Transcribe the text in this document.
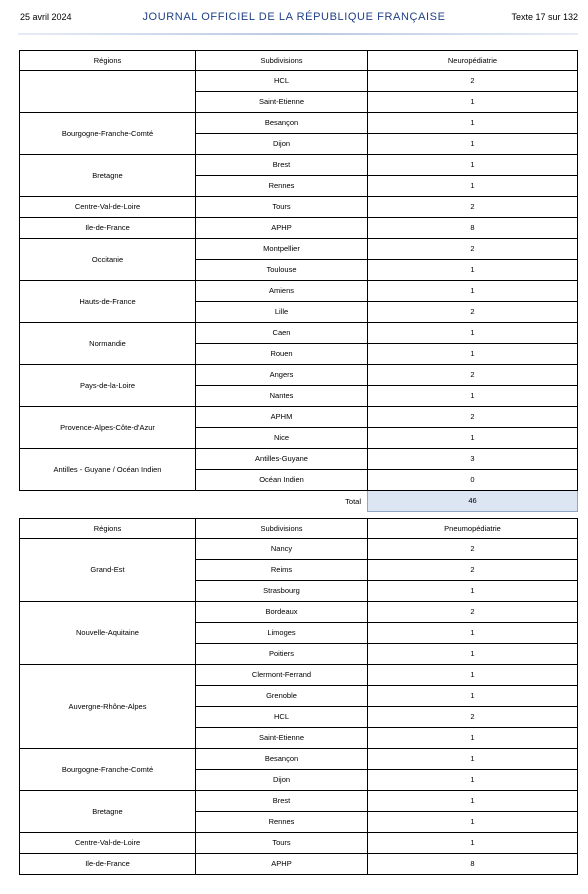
25 avril 2024	JOURNAL OFFICIEL DE LA RÉPUBLIQUE FRANÇAISE	Texte 17 sur 132
Régions	Subdivisions	Neuropédiatrie
	HCL	2
	Saint-Etienne	1
Bourgogne-Franche-Comté	Besançon	1
	Dijon	1
Bretagne	Brest	1
	Rennes	1
Centre-Val-de-Loire	Tours	2
Ile-de-France	APHP	8
Occitanie	Montpellier	2
	Toulouse	1
Hauts-de-France	Amiens	1
	Lille	2
Normandie	Caen	1
	Rouen	1
Pays-de-la-Loire	Angers	2
	Nantes	1
Provence-Alpes-Côte-d'Azur	APHM	2
	Nice	1
Antilles - Guyane / Océan Indien	Antilles-Guyane	3
	Océan Indien	0
Total		46
Régions	Subdivisions	Pneumopédiatrie
Grand-Est	Nancy	2
	Reims	2
	Strasbourg	1
Nouvelle-Aquitaine	Bordeaux	2
	Limoges	1
	Poitiers	1
Auvergne-Rhône-Alpes	Clermont-Ferrand	1
	Grenoble	1
	HCL	2
	Saint-Etienne	1
Bourgogne-Franche-Comté	Besançon	1
	Dijon	1
Bretagne	Brest	1
	Rennes	1
Centre-Val-de-Loire	Tours	1
Ile-de-France	APHP	8
